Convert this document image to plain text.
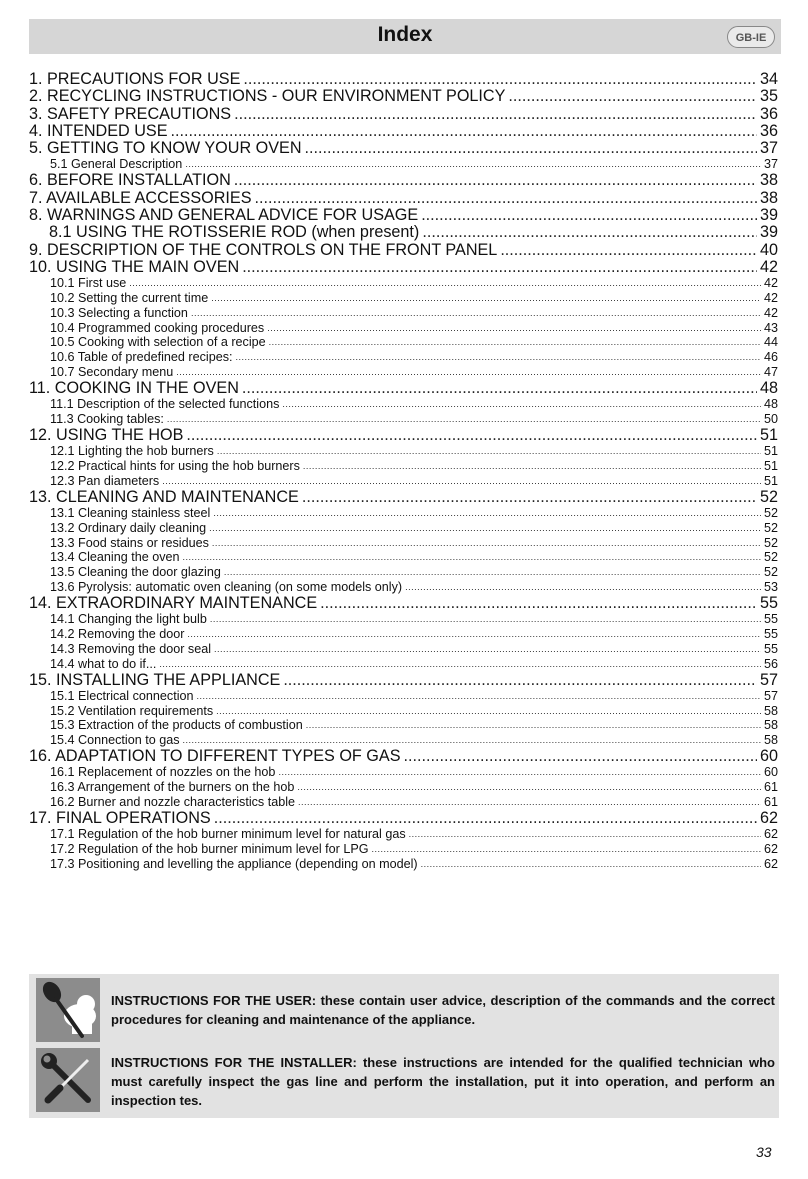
Index	GB-IE
1. PRECAUTIONS FOR USE .....	34
2. RECYCLING INSTRUCTIONS - OUR ENVIRONMENT POLICY .....	35
3. SAFETY PRECAUTIONS .....	36
4. INTENDED USE .....	36
5. GETTING TO KNOW YOUR OVEN .....	37
5.1 General Description .....	37
6. BEFORE INSTALLATION .....	38
7. AVAILABLE ACCESSORIES .....	38
8. WARNINGS AND GENERAL ADVICE FOR USAGE .....	39
8.1 USING THE ROTISSERIE ROD (when present) .....	39
9. DESCRIPTION OF THE CONTROLS ON THE FRONT PANEL .....	40
10. USING THE MAIN OVEN .....	42
10.1 First use .....	42
10.2 Setting the current time .....	42
10.3 Selecting a function .....	42
10.4 Programmed cooking procedures .....	43
10.5 Cooking with selection of a recipe .....	44
10.6 Table of predefined recipes: .....	46
10.7 Secondary menu .....	47
11. COOKING IN THE OVEN .....	48
11.1 Description of the selected functions .....	48
11.3 Cooking tables: .....	50
12. USING THE HOB .....	51
12.1 Lighting the hob burners .....	51
12.2 Practical hints for using the hob burners .....	51
12.3 Pan diameters .....	51
13. CLEANING AND MAINTENANCE .....	52
13.1 Cleaning stainless steel .....	52
13.2 Ordinary daily cleaning .....	52
13.3 Food stains or residues .....	52
13.4 Cleaning the oven .....	52
13.5 Cleaning the door glazing .....	52
13.6 Pyrolysis: automatic oven cleaning (on some models only) .....	53
14. EXTRAORDINARY MAINTENANCE .....	55
14.1 Changing the light bulb .....	55
14.2 Removing the door .....	55
14.3 Removing the door seal .....	55
14.4 what to do if... .....	56
15. INSTALLING THE APPLIANCE .....	57
15.1 Electrical connection .....	57
15.2 Ventilation requirements .....	58
15.3 Extraction of the products of combustion .....	58
15.4 Connection to gas .....	58
16. ADAPTATION TO DIFFERENT TYPES OF GAS .....	60
16.1 Replacement of nozzles on the hob .....	60
16.3 Arrangement of the burners on the hob .....	61
16.2 Burner and nozzle characteristics table .....	61
17. FINAL OPERATIONS .....	62
17.1 Regulation of the hob burner minimum level for natural gas .....	62
17.2 Regulation of the hob burner minimum level for LPG .....	62
17.3 Positioning and levelling the appliance (depending on model) .....	62
INSTRUCTIONS FOR THE USER: these contain user advice, description of the commands and the correct procedures for cleaning and maintenance of the appliance.
INSTRUCTIONS FOR THE INSTALLER: these instructions are intended for the qualified technician who must carefully inspect the gas line and perform the installation, put it into operation, and perform an inspection tes.
33
